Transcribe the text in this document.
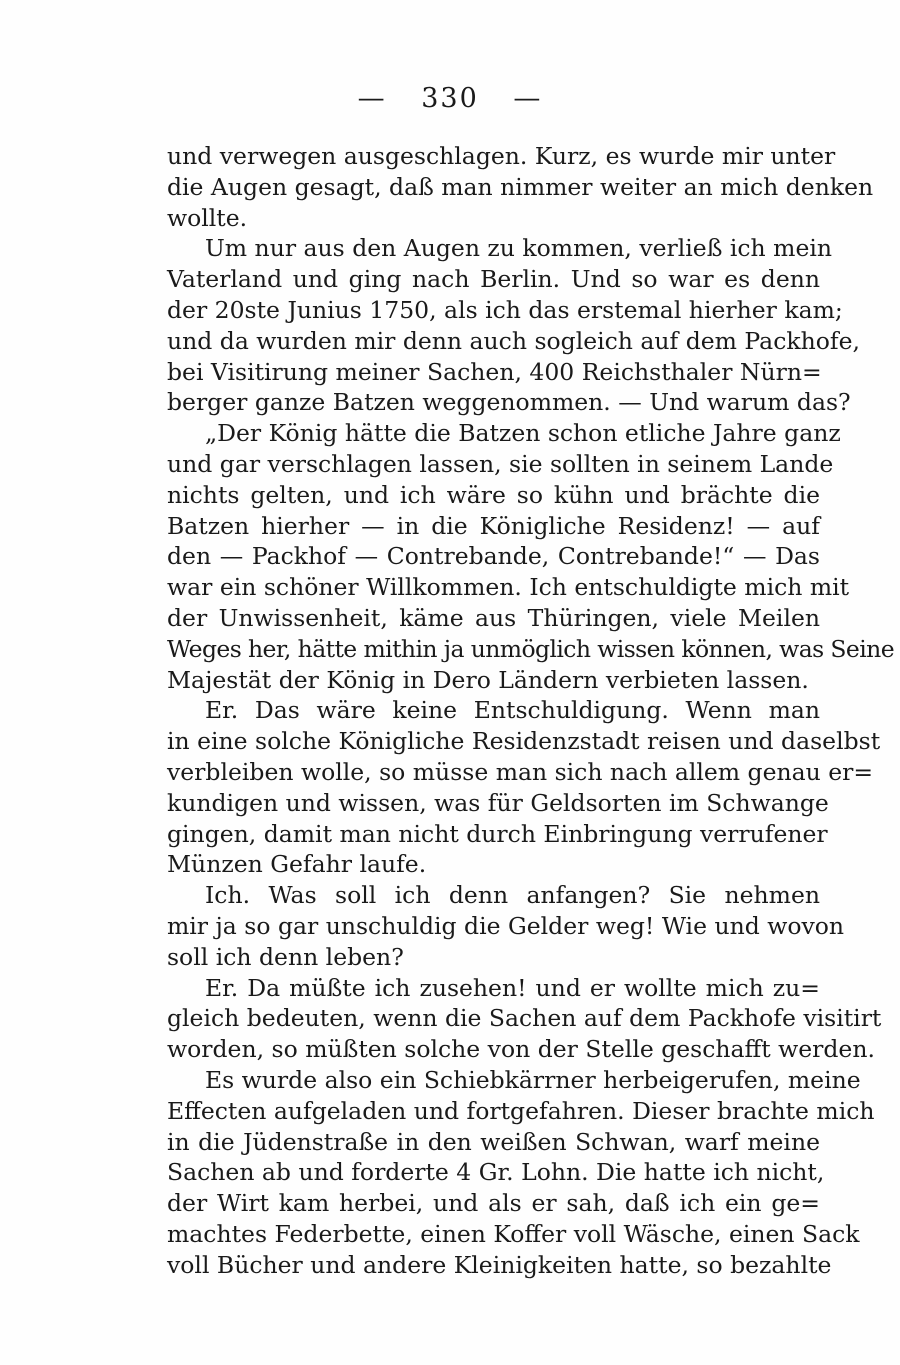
— 330 —
und verwegen ausgeschlagen. Kurz, es wurde mir unter
die Augen gesagt, daß man nimmer weiter an mich denken
wollte.
Um nur aus den Augen zu kommen, verließ ich mein
Vaterland und ging nach Berlin. Und so war es denn
der 20ste Junius 1750, als ich das erstemal hierher kam;
und da wurden mir denn auch sogleich auf dem Packhofe,
bei Visitirung meiner Sachen, 400 Reichsthaler Nürn=
berger ganze Batzen weggenommen. — Und warum das?
„Der König hätte die Batzen schon etliche Jahre ganz
und gar verschlagen lassen, sie sollten in seinem Lande
nichts gelten, und ich wäre so kühn und brächte die
Batzen hierher — in die Königliche Residenz! — auf
den — Packhof — Contrebande, Contrebande!“ — Das
war ein schöner Willkommen. Ich entschuldigte mich mit
der Unwissenheit, käme aus Thüringen, viele Meilen
Weges her, hätte mithin ja unmöglich wissen können, was Seine
Majestät der König in Dero Ländern verbieten lassen.
Er. Das wäre keine Entschuldigung. Wenn man
in eine solche Königliche Residenzstadt reisen und daselbst
verbleiben wolle, so müsse man sich nach allem genau er=
kundigen und wissen, was für Geldsorten im Schwange
gingen, damit man nicht durch Einbringung verrufener
Münzen Gefahr laufe.
Ich. Was soll ich denn anfangen? Sie nehmen
mir ja so gar unschuldig die Gelder weg! Wie und wovon
soll ich denn leben?
Er. Da müßte ich zusehen! und er wollte mich zu=
gleich bedeuten, wenn die Sachen auf dem Packhofe visitirt
worden, so müßten solche von der Stelle geschafft werden.
Es wurde also ein Schiebkärrner herbeigerufen, meine
Effecten aufgeladen und fortgefahren. Dieser brachte mich
in die Jüdenstraße in den weißen Schwan, warf meine
Sachen ab und forderte 4 Gr. Lohn. Die hatte ich nicht,
der Wirt kam herbei, und als er sah, daß ich ein ge=
machtes Federbette, einen Koffer voll Wäsche, einen Sack
voll Bücher und andere Kleinigkeiten hatte, so bezahlte
